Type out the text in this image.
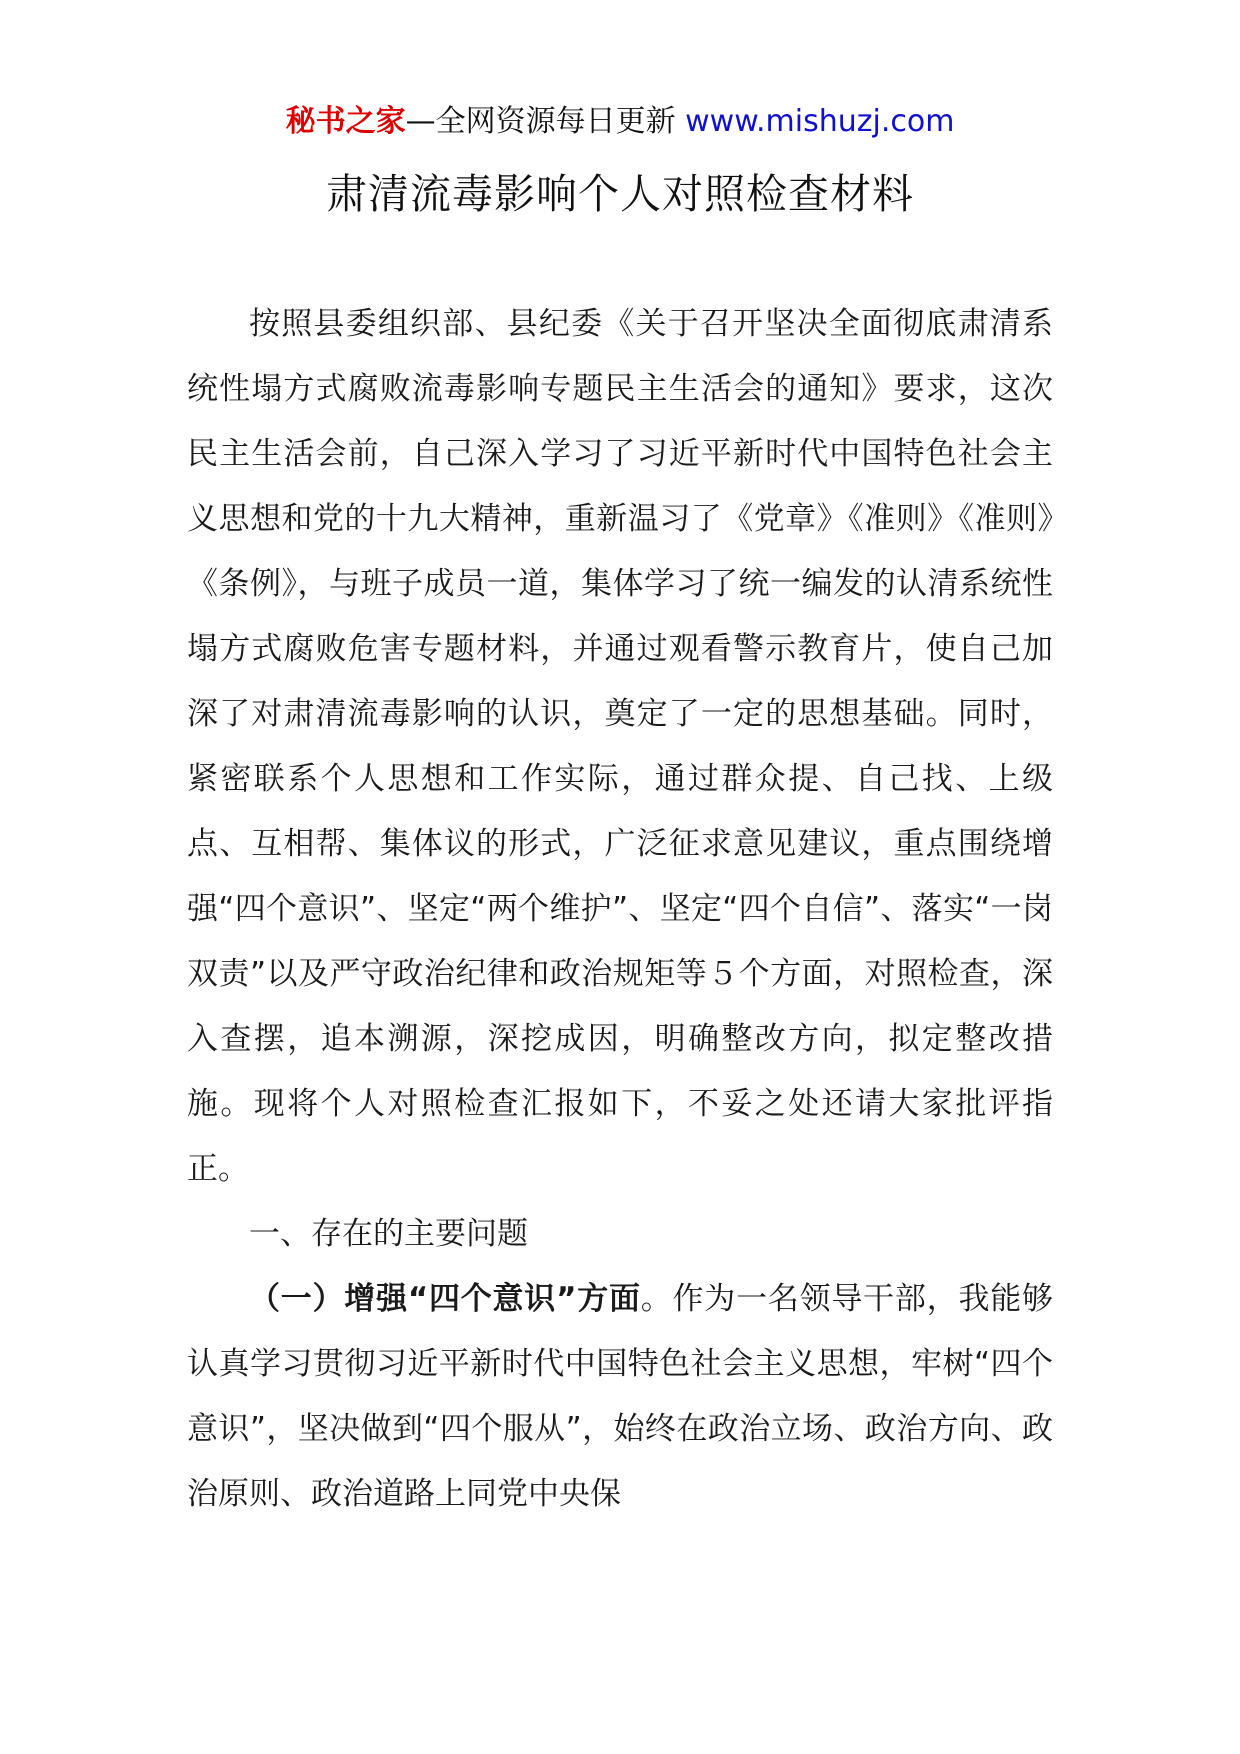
秘书之家—全网资源每日更新 www.mishuzj.com
肃清流毒影响个人对照检查材料

按照县委组织部、县纪委《关于召开坚决全面彻底肃清系统性塌方式腐败流毒影响专题民主生活会的通知》要求，这次民主生活会前，自己深入学习了习近平新时代中国特色社会主义思想和党的十九大精神，重新温习了《党章》《准则》《准则》《条例》，与班子成员一道，集体学习了统一编发的认清系统性塌方式腐败危害专题材料，并通过观看警示教育片，使自己加深了对肃清流毒影响的认识，奠定了一定的思想基础。同时，紧密联系个人思想和工作实际，通过群众提、自己找、上级点、互相帮、集体议的形式，广泛征求意见建议，重点围绕增强“四个意识”、坚定“两个维护”、坚定“四个自信”、落实“一岗双责”以及严守政治纪律和政治规矩等５个方面，对照检查，深入查摆，追本溯源，深挖成因，明确整改方向，拟定整改措施。现将个人对照检查汇报如下，不妥之处还请大家批评指正。

一、存在的主要问题

（一）增强“四个意识”方面。作为一名领导干部，我能够认真学习贯彻习近平新时代中国特色社会主义思想，牢树“四个意识”，坚决做到“四个服从”，始终在政治立场、政治方向、政治原则、政治道路上同党中央保
